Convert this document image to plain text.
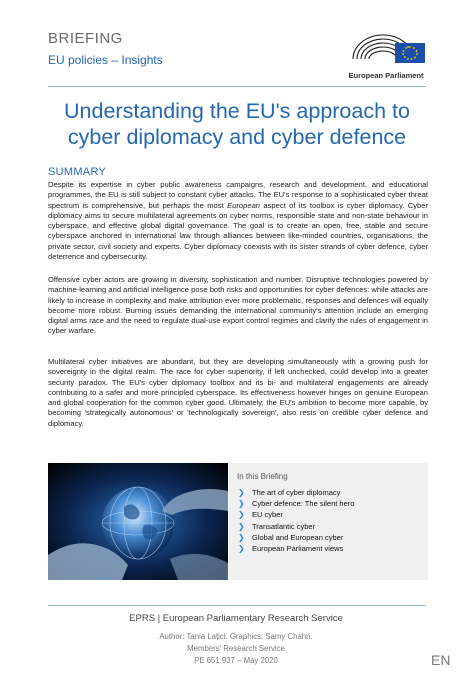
BRIEFING
EU policies – Insights
European Parliament
Understanding the EU's approach to
cyber diplomacy and cyber defence
SUMMARY
Despite its expertise in cyber public awareness campaigns, research and development, and educational programmes, the EU is still subject to constant cyber attacks. The EU's response to a sophisticated cyber threat spectrum is comprehensive, but perhaps the most European aspect of its toolbox is cyber diplomacy. Cyber diplomacy aims to secure multilateral agreements on cyber norms, responsible state and non-state behaviour in cyberspace, and effective global digital governance. The goal is to create an open, free, stable and secure cyberspace anchored in international law through alliances between like-minded countries, organisations, the private sector, civil society and experts. Cyber diplomacy coexists with its sister strands of cyber defence, cyber deterrence and cybersecurity.
Offensive cyber actors are growing in diversity, sophistication and number. Disruptive technologies powered by machine-learning and artificial intelligence pose both risks and opportunities for cyber defences: while attacks are likely to increase in complexity and make attribution ever more problematic, responses and defences will equally become more robust. Burning issues demanding the international community's attention include an emerging digital arms race and the need to regulate dual-use export control regimes and clarify the rules of engagement in cyber warfare.
Multilateral cyber initiatives are abundant, but they are developing simultaneously with a growing push for sovereignty in the digital realm. The race for cyber superiority, if left unchecked, could develop into a greater security paradox. The EU's cyber diplomacy toolbox and its bi- and multilateral engagements are already contributing to a safer and more principled cyberspace. Its effectiveness however hinges on genuine European and global cooperation for the common cyber good. Ultimately, the EU's ambition to become more capable, by becoming 'strategically autonomous' or 'technologically sovereign', also rests on credible cyber defence and diplomacy.
In this Briefing
❯ The art of cyber diplomacy
❯ Cyber defence: The silent hero
❯ EU cyber
❯ Transatlantic cyber
❯ Global and European cyber
❯ European Parliament views
EPRS | European Parliamentary Research Service
Author: Tania Lațici. Graphics: Samy Chahri.
Members' Research Service
PE 651.937 – May 2020	EN
